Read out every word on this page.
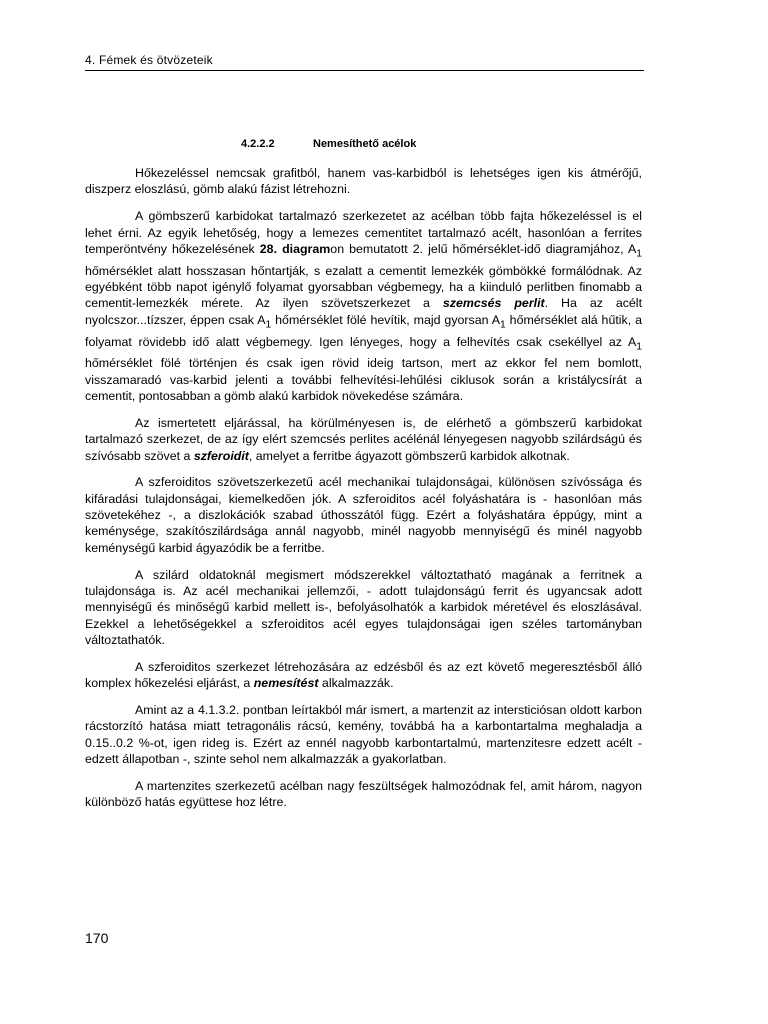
4. Fémek és ötvözeteik
4.2.2.2	Nemesíthető acélok

Hőkezeléssel nemcsak grafitból, hanem vas-karbidból is lehetséges igen kis átmérőjű, diszperz eloszlású, gömb alakú fázist létrehozni.

A gömbszerű karbidokat tartalmazó szerkezetet az acélban több fajta hőkezeléssel is el lehet érni. Az egyik lehetőség, hogy a lemezes cementitet tartalmazó acélt, hasonlóan a ferrites temperöntvény hőkezelésének 28. diagramon bemutatott 2. jelű hőmérséklet-idő diagramjához, $A_1$ hőmérséklet alatt hosszasan hőntartják, s ezalatt a cementit lemezkék gömbökké formálódnak. Az egyébként több napot igénylő folyamat gyorsabban végbemegy, ha a kiinduló perlitben finomabb a cementit-lemezkék mérete. Az ilyen szövetszerkezet a szemcsés perlit. Ha az acélt nyolcszor...tízszer, éppen csak $A_1$ hőmérséklet fölé hevítik, majd gyorsan $A_1$ hőmérséklet alá hűtik, a folyamat rövidebb idő alatt végbemegy. Igen lényeges, hogy a felhevítés csak csekéllyel az $A_1$ hőmérséklet fölé történjen és csak igen rövid ideig tartson, mert az ekkor fel nem bomlott, visszamaradó vas-karbid jelenti a további felhevítési-lehűlési ciklusok során a kristálycsírát a cementit, pontosabban a gömb alakú karbidok növekedése számára.

Az ismertetett eljárással, ha körülményesen is, de elérhető a gömbszerű karbidokat tartalmazó szerkezet, de az így elért szemcsés perlites acélénál lényegesen nagyobb szilárdságú és szívósabb szövet a szferoidit, amelyet a ferritbe ágyazott gömbszerű karbidok alkotnak.

A szferoiditos szövetszerkezetű acél mechanikai tulajdonságai, különösen szívóssága és kifáradási tulajdonságai, kiemelkedően jók. A szferoiditos acél folyáshatára is - hasonlóan más szövetekéhez -, a diszlokációk szabad úthosszától függ. Ezért a folyáshatára éppúgy, mint a keménysége, szakítószilárdsága annál nagyobb, minél nagyobb mennyiségű és minél nagyobb keménységű karbid ágyazódik be a ferritbe.

A szilárd oldatoknál megismert módszerekkel változtatható magának a ferritnek a tulajdonsága is. Az acél mechanikai jellemzői, - adott tulajdonságú ferrit és ugyancsak adott mennyiségű és minőségű karbid mellett is-, befolyásolhatók a karbidok méretével és eloszlásával. Ezekkel a lehetőségekkel a szferoiditos acél egyes tulajdonságai igen széles tartományban változtathatók.

A szferoiditos szerkezet létrehozására az edzésből és az ezt követő megeresztésből álló komplex hőkezelési eljárást, a nemesítést alkalmazzák.

Amint az a 4.1.3.2. pontban leírtakból már ismert, a martenzit az intersticiósan oldott karbon rácstorzító hatása miatt tetragonális rácsú, kemény, továbbá ha a karbontartalma meghaladja a 0.15..0.2 %-ot, igen rideg is. Ezért az ennél nagyobb karbontartalmú, martenzitesre edzett acélt - edzett állapotban -, szinte sehol nem alkalmazzák a gyakorlatban.

A martenzites szerkezetű acélban nagy feszültségek halmozódnak fel, amit három, nagyon különböző hatás együttese hoz létre.

170
